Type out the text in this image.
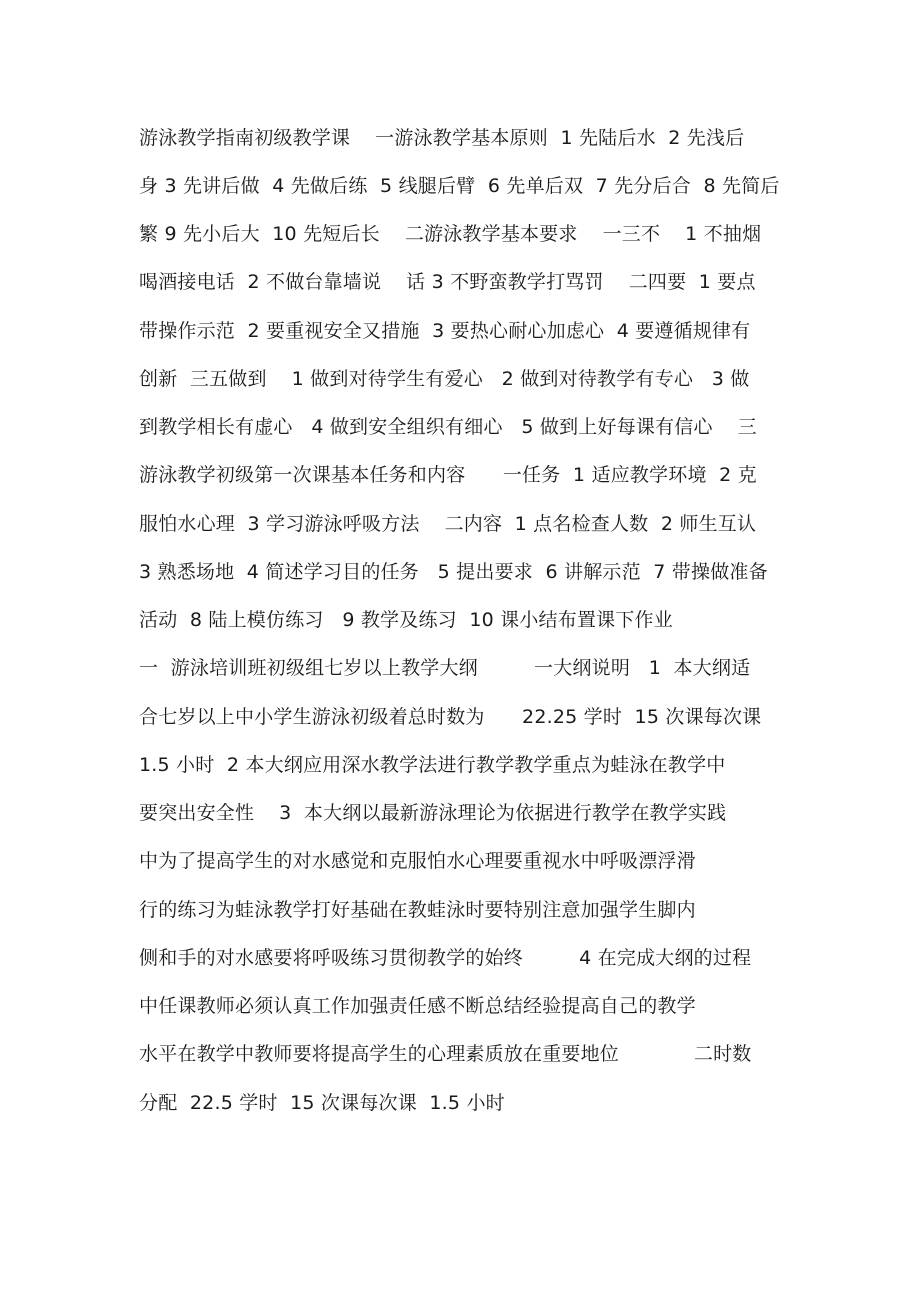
游泳教学指南初级教学课    一游泳教学基本原则  1 先陆后水  2 先浅后
身 3 先讲后做  4 先做后练  5 线腿后臂  6 先单后双  7 先分后合  8 先简后
繁 9 先小后大  10 先短后长    二游泳教学基本要求    一三不    1 不抽烟
喝酒接电话  2 不做台靠墙说    话 3 不野蛮教学打骂罚    二四要  1 要点
带操作示范  2 要重视安全又措施  3 要热心耐心加虑心  4 要遵循规律有
创新  三五做到    1 做到对待学生有爱心   2 做到对待教学有专心   3 做
到教学相长有虚心   4 做到安全组织有细心   5 做到上好每课有信心    三
游泳教学初级第一次课基本任务和内容      一任务  1 适应教学环境  2 克
服怕水心理  3 学习游泳呼吸方法    二内容  1 点名检查人数  2 师生互认
3 熟悉场地  4 简述学习目的任务   5 提出要求  6 讲解示范  7 带操做准备
活动  8 陆上模仿练习   9 教学及练习  10 课小结布置课下作业
一  游泳培训班初级组七岁以上教学大纲         一大纲说明   1  本大纲适
合七岁以上中小学生游泳初级着总时数为      22.25 学时  15 次课每次课
1.5 小时  2 本大纲应用深水教学法进行教学教学重点为蛙泳在教学中
要突出安全性    3  本大纲以最新游泳理论为依据进行教学在教学实践
中为了提高学生的对水感觉和克服怕水心理要重视水中呼吸漂浮滑
行的练习为蛙泳教学打好基础在教蛙泳时要特别注意加强学生脚内
侧和手的对水感要将呼吸练习贯彻教学的始终         4 在完成大纲的过程
中任课教师必须认真工作加强责任感不断总结经验提高自己的教学
水平在教学中教师要将提高学生的心理素质放在重要地位            二时数
分配  22.5 学时  15 次课每次课  1.5 小时
